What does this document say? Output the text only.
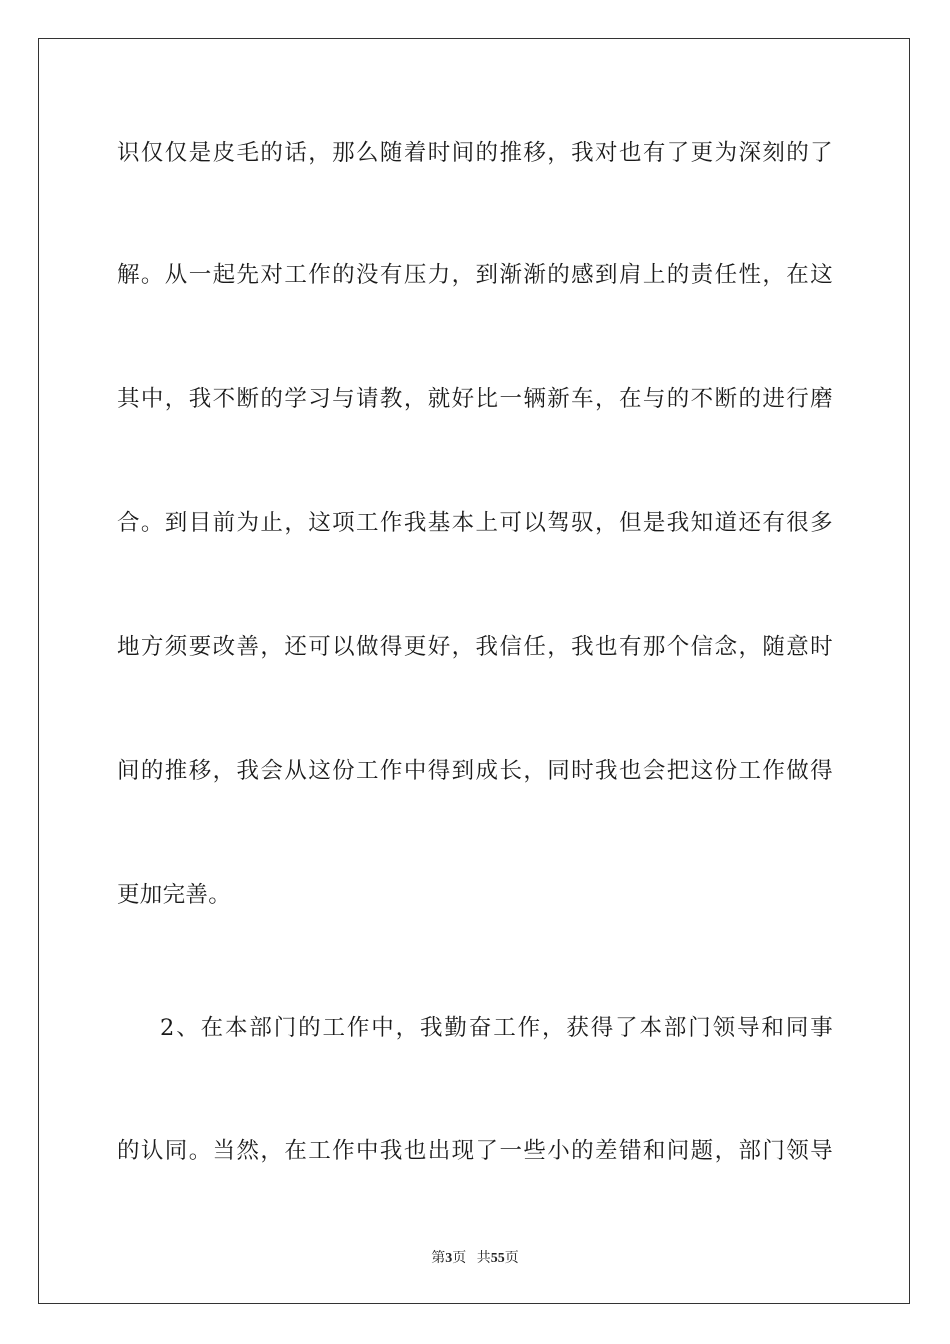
识仅仅是皮毛的话，那么随着时间的推移，我对也有了更为深刻的了
解。从一起先对工作的没有压力，到渐渐的感到肩上的责任性，在这
其中，我不断的学习与请教，就好比一辆新车，在与的不断的进行磨
合。到目前为止，这项工作我基本上可以驾驭，但是我知道还有很多
地方须要改善，还可以做得更好，我信任，我也有那个信念，随意时
间的推移，我会从这份工作中得到成长，同时我也会把这份工作做得
更加完善。
2、在本部门的工作中，我勤奋工作，获得了本部门领导和同事
的认同。当然，在工作中我也出现了一些小的差错和问题，部门领导
第3页 共55页
